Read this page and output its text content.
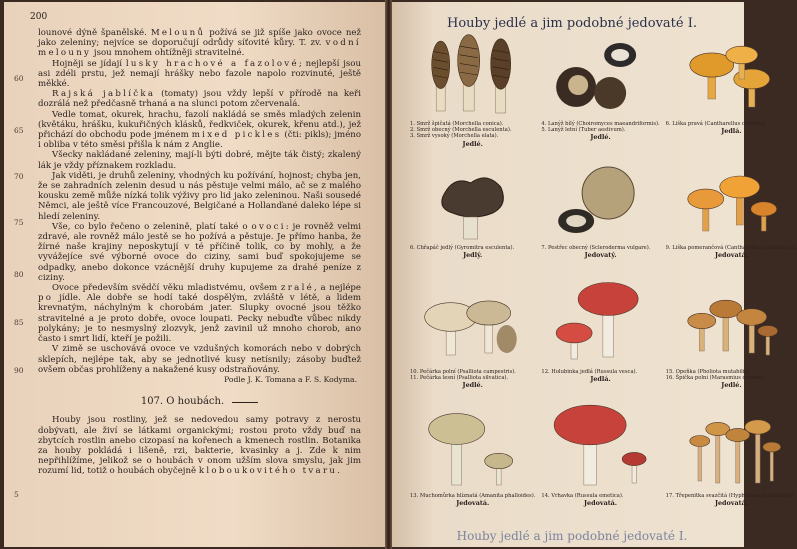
200
60
65
70
75
80
85
90
5

lounové dýně španělské. Melounů požívá se již spíše jako ovoce než jako zeleniny; nejvíce se doporučují odrůdy síťovité kůry. T. zv. vodní melouny jsou mnohem ohtížněji stravitelné.

Hojněji se jídají lusky hrachové a fazolové; nejlepší jsou asi zdéli prstu, jež nemají hrášky nebo fazole napolo rozvinuté, ještě měkké.

Rajská jablíčka (tomaty) jsou vždy lepší v přírodě na keři dozrálá než předčasně trhaná a na slunci potom zčervenalá.

Vedle tomat, okurek, hrachu, fazolí nakládá se směs mladých zelenin (květáku, hrášku, kukuřičných klásků, ředkviček, okurek, křenu atd.), jež přichází do obchodu pode jménem mixed pickles (čti: pikls); jméno i obliba v této směsi přišla k nám z Anglie.

Všecky nakládané zeleniny, mají-li býti dobré, mějte ták čistý; zkalený lák je vždy příznakem rozkladu.

Jak viděti, je druhů zeleniny, vhodných ku požívání, hojnost; chyba jen, že se zahradních zelenin desud u nás pěstuje velmi málo, ač se z malého kousku země může nízká tolik výživy pro lid jako zeleninou. Naši sousedé Němci, ale ještě více Francouzové, Belgičané a Hollanďané daleko lépe si hledí zeleniny.

Vše, co bylo řečeno o zelenině, platí také o ovoci: je rovněž velmi zdravé, ale rovněž málo jestě se ho požívá a pěstuje. Je přímo hanba, že žírné naše krajiny neposkytují v té příčině tolik, co by mohly, a že vyvážejíce své výborné ovoce do ciziny, sami buď spokojujeme se odpadky, anebo dokonce vzácnější druhy kupujeme za drahé peníze z ciziny.

Ovoce především svědčí věku mladistvému, ovšem zralé, a nejlépe po jídle. Ale dobře se hodí také dospělým, zvláště v létě, a lidem krevnatým, náchylným k chorobám jater. Slupky ovocné jsou těžko stravitelné a je proto dobře, ovoce loupati. Pecky nebuďte vůbec nikdy polykány; je to nesmyslný zlozvyk, jenž zavinil už mnoho chorob, ano často i smrt lidí, kteří je požili.

V zimě se uschovává ovoce ve vzdušných komorách nebo v dobrých sklepích, nejlépe tak, aby se jednotlivé kusy netísnily; zásoby buďtež ovšem občas prohlíženy a nakažené kusy odstraňovány.

Podle J. K. Tomana a F. S. Kodyma.
107. O houbách.

Houby jsou rostliny, jež se nedovedou samy potravy z nerostu dobývati, ale živí se látkami organickými; rostou proto vždy buď na zbytcích rostlin anebo cizopasí na kořenech a kmenech rostlin. Botanika za houby pokládá i lišeně, rzi, bakterie, kvasinky a j. Zde k nim nepřihlížíme, jelikož se o houbách v onom užším slova smyslu, jak jim rozumí lid, totiž o houbách obyčejně kloboukovitého tvaru.

Houby jedlé a jim podobné jedovaté I.
1. Smrž špičatá (Morchella conica).
2. Smrž obecný (Morchella esculenta).
3. Smrž vysoký (Morchella elata).
Jedlé.
4. Lanýž bílý (Choiromyces maeandriformis).
5. Lanýž letní (Tuber aestivum).
Jedlé.
6. Liška pravá (Cantharellus cibarius).
Jedlá.
6. Chřapáč jedlý (Gyromitra esculenta).
Jedlý.
7. Pestřec obecný (Scleroderma vulgare).
Jedovatý.
9. Liška pomerančová (Cantharellus aurantiacus).
Jedovatá.
10. Pečárka polní (Psalliota campestris).
11. Pečárka lesní (Psalliota silvatica).
Jedlé.
12. Holubinka jedlá (Russula vesca).
Jedlá.
15. Opeňka (Pholiota mutabilis).
16. Špička polní (Marasmius oreades).
Jedlé.
13. Muchomůrka hlíznatá (Amanita phalloides).
Jedovatá.
14. Vrhavka (Russula emetica).
Jedovatá.
17. Třepenitka svazčitá (Hypholoma fasciculare).
Jedovatá.
Houby jedlé a jim podobné jedovaté I.
